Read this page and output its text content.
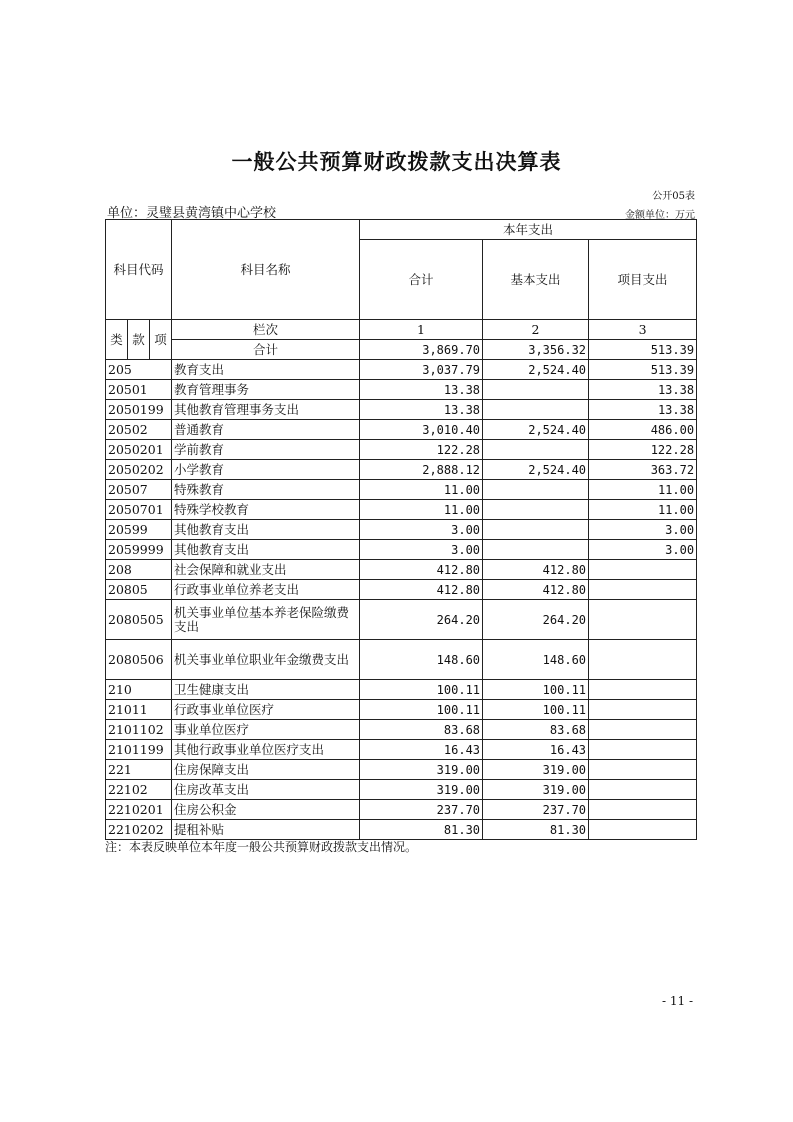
一般公共预算财政拨款支出决算表
公开05表
单位：灵璧县黄湾镇中心学校	金额单位：万元
科目代码			科目名称	本年支出		
				合计	基本支出	项目支出
类	款	项	栏次	1	2	3
			合计	3,869.70	3,356.32	513.39
205			教育支出	3,037.79	2,524.40	513.39
20501			教育管理事务	13.38		13.38
2050199			其他教育管理事务支出	13.38		13.38
20502			普通教育	3,010.40	2,524.40	486.00
2050201			学前教育	122.28		122.28
2050202			小学教育	2,888.12	2,524.40	363.72
20507			特殊教育	11.00		11.00
2050701			特殊学校教育	11.00		11.00
20599			其他教育支出	3.00		3.00
2059999			其他教育支出	3.00		3.00
208			社会保障和就业支出	412.80	412.80	
20805			行政事业单位养老支出	412.80	412.80	
2080505			机关事业单位基本养老保险缴费支出	264.20	264.20	
2080506			机关事业单位职业年金缴费支出	148.60	148.60	
210			卫生健康支出	100.11	100.11	
21011			行政事业单位医疗	100.11	100.11	
2101102			事业单位医疗	83.68	83.68	
2101199			其他行政事业单位医疗支出	16.43	16.43	
221			住房保障支出	319.00	319.00	
22102			住房改革支出	319.00	319.00	
2210201			住房公积金	237.70	237.70	
2210202			提租补贴	81.30	81.30	
注：本表反映单位本年度一般公共预算财政拨款支出情况。
- 11 -
